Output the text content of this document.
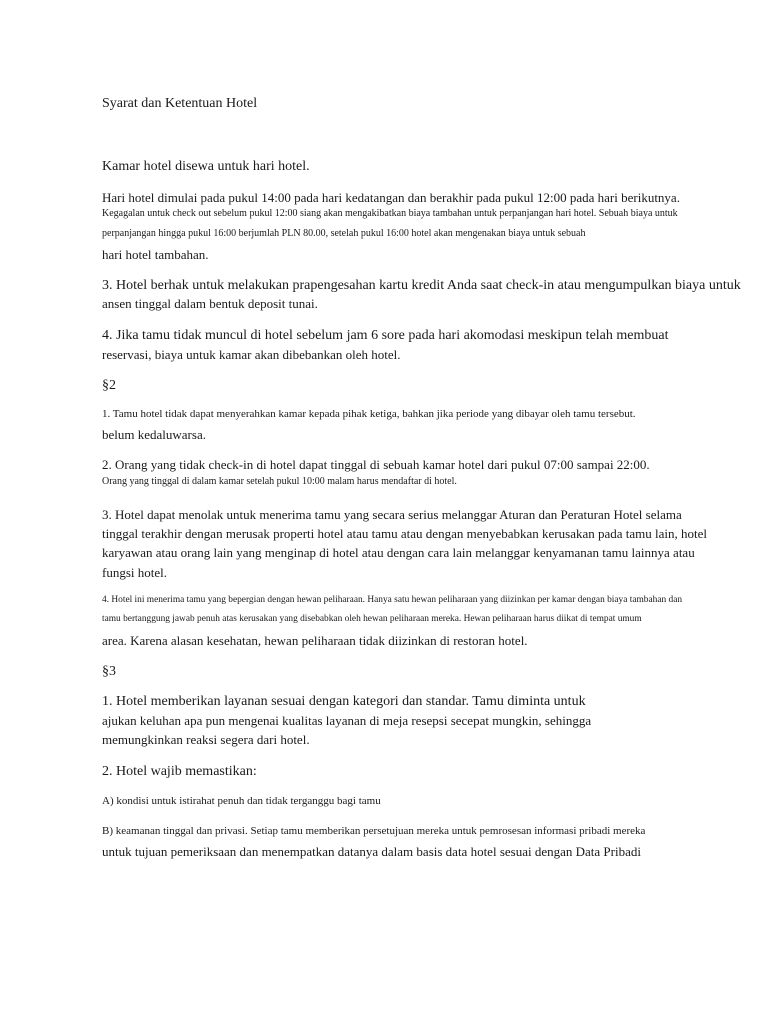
Syarat dan Ketentuan Hotel
Kamar hotel disewa untuk hari hotel.
Hari hotel dimulai pada pukul 14:00 pada hari kedatangan dan berakhir pada pukul 12:00 pada hari berikutnya.
Kegagalan untuk check out sebelum pukul 12:00 siang akan mengakibatkan biaya tambahan untuk perpanjangan hari hotel. Sebuah biaya untuk
perpanjangan hingga pukul 16:00 berjumlah PLN 80.00, setelah pukul 16:00 hotel akan mengenakan biaya untuk sebuah
hari hotel tambahan.
3. Hotel berhak untuk melakukan prapengesahan kartu kredit Anda saat check-in atau mengumpulkan biaya untuk
ansen tinggal dalam bentuk deposit tunai.
4. Jika tamu tidak muncul di hotel sebelum jam 6 sore pada hari akomodasi meskipun telah membuat
reservasi, biaya untuk kamar akan dibebankan oleh hotel.
§2
1. Tamu hotel tidak dapat menyerahkan kamar kepada pihak ketiga, bahkan jika periode yang dibayar oleh tamu tersebut.
belum kedaluwarsa.
2. Orang yang tidak check-in di hotel dapat tinggal di sebuah kamar hotel dari pukul 07:00 sampai 22:00.
Orang yang tinggal di dalam kamar setelah pukul 10:00 malam harus mendaftar di hotel.
3. Hotel dapat menolak untuk menerima tamu yang secara serius melanggar Aturan dan Peraturan Hotel selama
tinggal terakhir dengan merusak properti hotel atau tamu atau dengan menyebabkan kerusakan pada tamu lain, hotel
karyawan atau orang lain yang menginap di hotel atau dengan cara lain melanggar kenyamanan tamu lainnya atau
fungsi hotel.
4. Hotel ini menerima tamu yang bepergian dengan hewan peliharaan. Hanya satu hewan peliharaan yang diizinkan per kamar dengan biaya tambahan dan
tamu bertanggung jawab penuh atas kerusakan yang disebabkan oleh hewan peliharaan mereka. Hewan peliharaan harus diikat di tempat umum
area. Karena alasan kesehatan, hewan peliharaan tidak diizinkan di restoran hotel.
§3
1. Hotel memberikan layanan sesuai dengan kategori dan standar. Tamu diminta untuk
ajukan keluhan apa pun mengenai kualitas layanan di meja resepsi secepat mungkin, sehingga
memungkinkan reaksi segera dari hotel.
2. Hotel wajib memastikan:
A) kondisi untuk istirahat penuh dan tidak terganggu bagi tamu
B) keamanan tinggal dan privasi. Setiap tamu memberikan persetujuan mereka untuk pemrosesan informasi pribadi mereka
untuk tujuan pemeriksaan dan menempatkan datanya dalam basis data hotel sesuai dengan Data Pribadi
